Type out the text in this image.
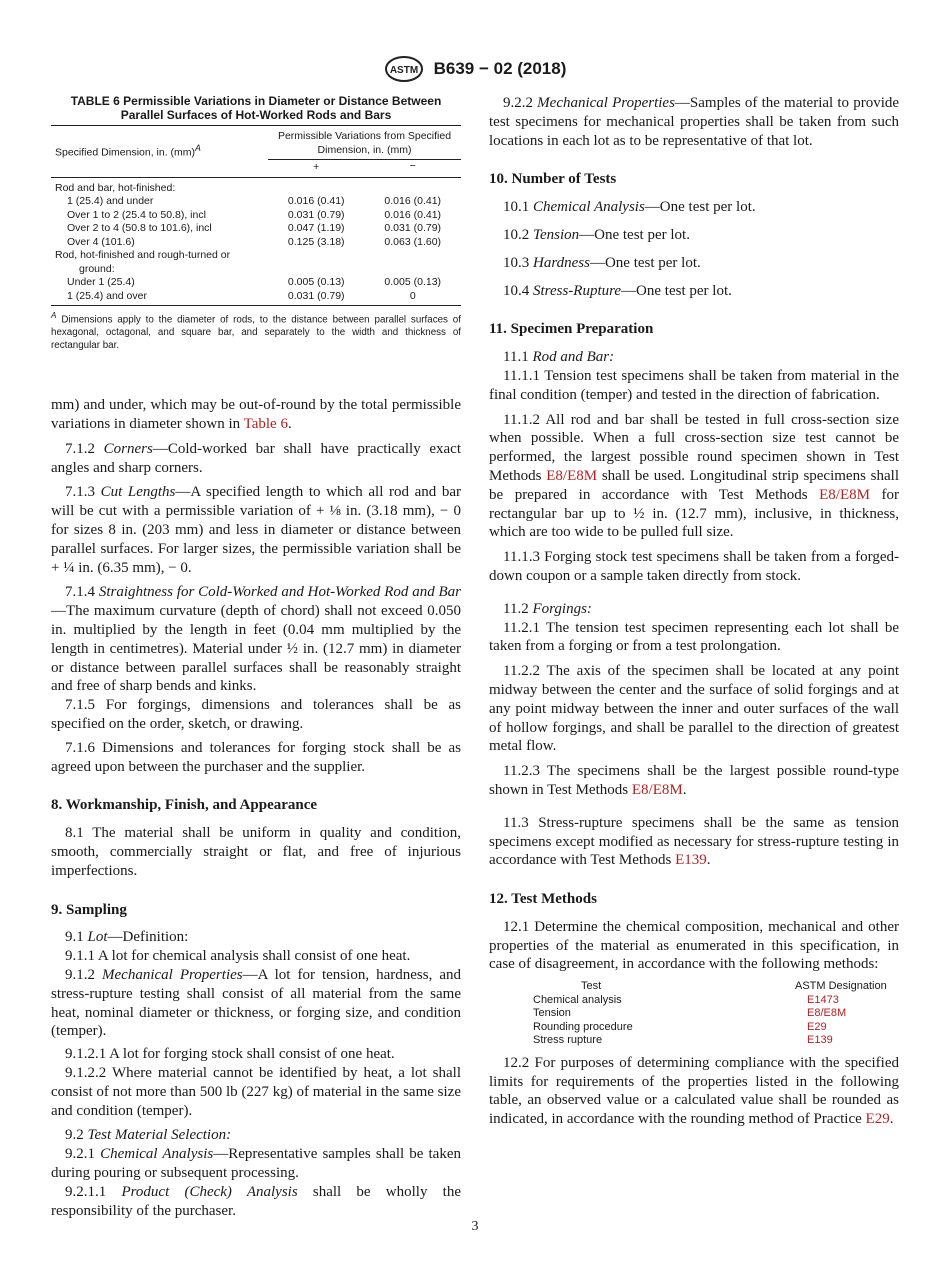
ASTM B639 − 02 (2018)
TABLE 6 Permissible Variations in Diameter or Distance Between Parallel Surfaces of Hot-Worked Rods and Bars
Specified Dimension, in. (mm)$^A$	Permissible Variations from Specified Dimension, in. (mm)	
	+	−

Rod and bar, hot-finished:		
1 (25.4) and under	0.016 (0.41)	0.016 (0.41)
Over 1 to 2 (25.4 to 50.8), incl	0.031 (0.79)	0.016 (0.41)
Over 2 to 4 (50.8 to 101.6), incl	0.047 (1.19)	0.031 (0.79)
Over 4 (101.6)	0.125 (3.18)	0.063 (1.60)
Rod, hot-finished and rough-turned or		
ground:		
Under 1 (25.4)	0.005 (0.13)	0.005 (0.13)
1 (25.4) and over	0.031 (0.79)	0
$^A$ Dimensions apply to the diameter of rods, to the distance between parallel surfaces of hexagonal, octagonal, and square bar, and separately to the width and thickness of rectangular bar.

mm) and under, which may be out-of-round by the total permissible variations in diameter shown in Table 6.

7.1.2 Corners—Cold-worked bar shall have practically exact angles and sharp corners.

7.1.3 Cut Lengths—A specified length to which all rod and bar will be cut with a permissible variation of + ⅛ in. (3.18 mm), − 0 for sizes 8 in. (203 mm) and less in diameter or distance between parallel surfaces. For larger sizes, the permissible variation shall be + ¼ in. (6.35 mm), − 0.

7.1.4 Straightness for Cold-Worked and Hot-Worked Rod and Bar—The maximum curvature (depth of chord) shall not exceed 0.050 in. multiplied by the length in feet (0.04 mm multiplied by the length in centimetres). Material under ½ in. (12.7 mm) in diameter or distance between parallel surfaces shall be reasonably straight and free of sharp bends and kinks.

7.1.5 For forgings, dimensions and tolerances shall be as specified on the order, sketch, or drawing.

7.1.6 Dimensions and tolerances for forging stock shall be as agreed upon between the purchaser and the supplier.

8. Workmanship, Finish, and Appearance

8.1 The material shall be uniform in quality and condition, smooth, commercially straight or flat, and free of injurious imperfections.

9. Sampling

9.1 Lot—Definition:

9.1.1 A lot for chemical analysis shall consist of one heat.

9.1.2 Mechanical Properties—A lot for tension, hardness, and stress-rupture testing shall consist of all material from the same heat, nominal diameter or thickness, or forging size, and condition (temper).

9.1.2.1 A lot for forging stock shall consist of one heat.

9.1.2.2 Where material cannot be identified by heat, a lot shall consist of not more than 500 lb (227 kg) of material in the same size and condition (temper).

9.2 Test Material Selection:

9.2.1 Chemical Analysis—Representative samples shall be taken during pouring or subsequent processing.

9.2.1.1 Product (Check) Analysis shall be wholly the responsibility of the purchaser.

9.2.2 Mechanical Properties—Samples of the material to provide test specimens for mechanical properties shall be taken from such locations in each lot as to be representative of that lot.

10. Number of Tests

10.1 Chemical Analysis—One test per lot.

10.2 Tension—One test per lot.

10.3 Hardness—One test per lot.

10.4 Stress-Rupture—One test per lot.

11. Specimen Preparation

11.1 Rod and Bar:

11.1.1 Tension test specimens shall be taken from material in the final condition (temper) and tested in the direction of fabrication.

11.1.2 All rod and bar shall be tested in full cross-section size when possible. When a full cross-section size test cannot be performed, the largest possible round specimen shown in Test Methods E8/E8M shall be used. Longitudinal strip specimens shall be prepared in accordance with Test Methods E8/E8M for rectangular bar up to ½ in. (12.7 mm), inclusive, in thickness, which are too wide to be pulled full size.

11.1.3 Forging stock test specimens shall be taken from a forged-down coupon or a sample taken directly from stock.

11.2 Forgings:

11.2.1 The tension test specimen representing each lot shall be taken from a forging or from a test prolongation.

11.2.2 The axis of the specimen shall be located at any point midway between the center and the surface of solid forgings and at any point midway between the inner and outer surfaces of the wall of hollow forgings, and shall be parallel to the direction of greatest metal flow.

11.2.3 The specimens shall be the largest possible round-type shown in Test Methods E8/E8M.

11.3 Stress-rupture specimens shall be the same as tension specimens except modified as necessary for stress-rupture testing in accordance with Test Methods E139.

12. Test Methods

12.1 Determine the chemical composition, mechanical and other properties of the material as enumerated in this specification, in case of disagreement, in accordance with the following methods:

Test	ASTM Designation
Chemical analysis	E1473
Tension	E8/E8M
Rounding procedure	E29
Stress rupture	E139

12.2 For purposes of determining compliance with the specified limits for requirements of the properties listed in the following table, an observed value or a calculated value shall be rounded as indicated, in accordance with the rounding method of Practice E29.

3
